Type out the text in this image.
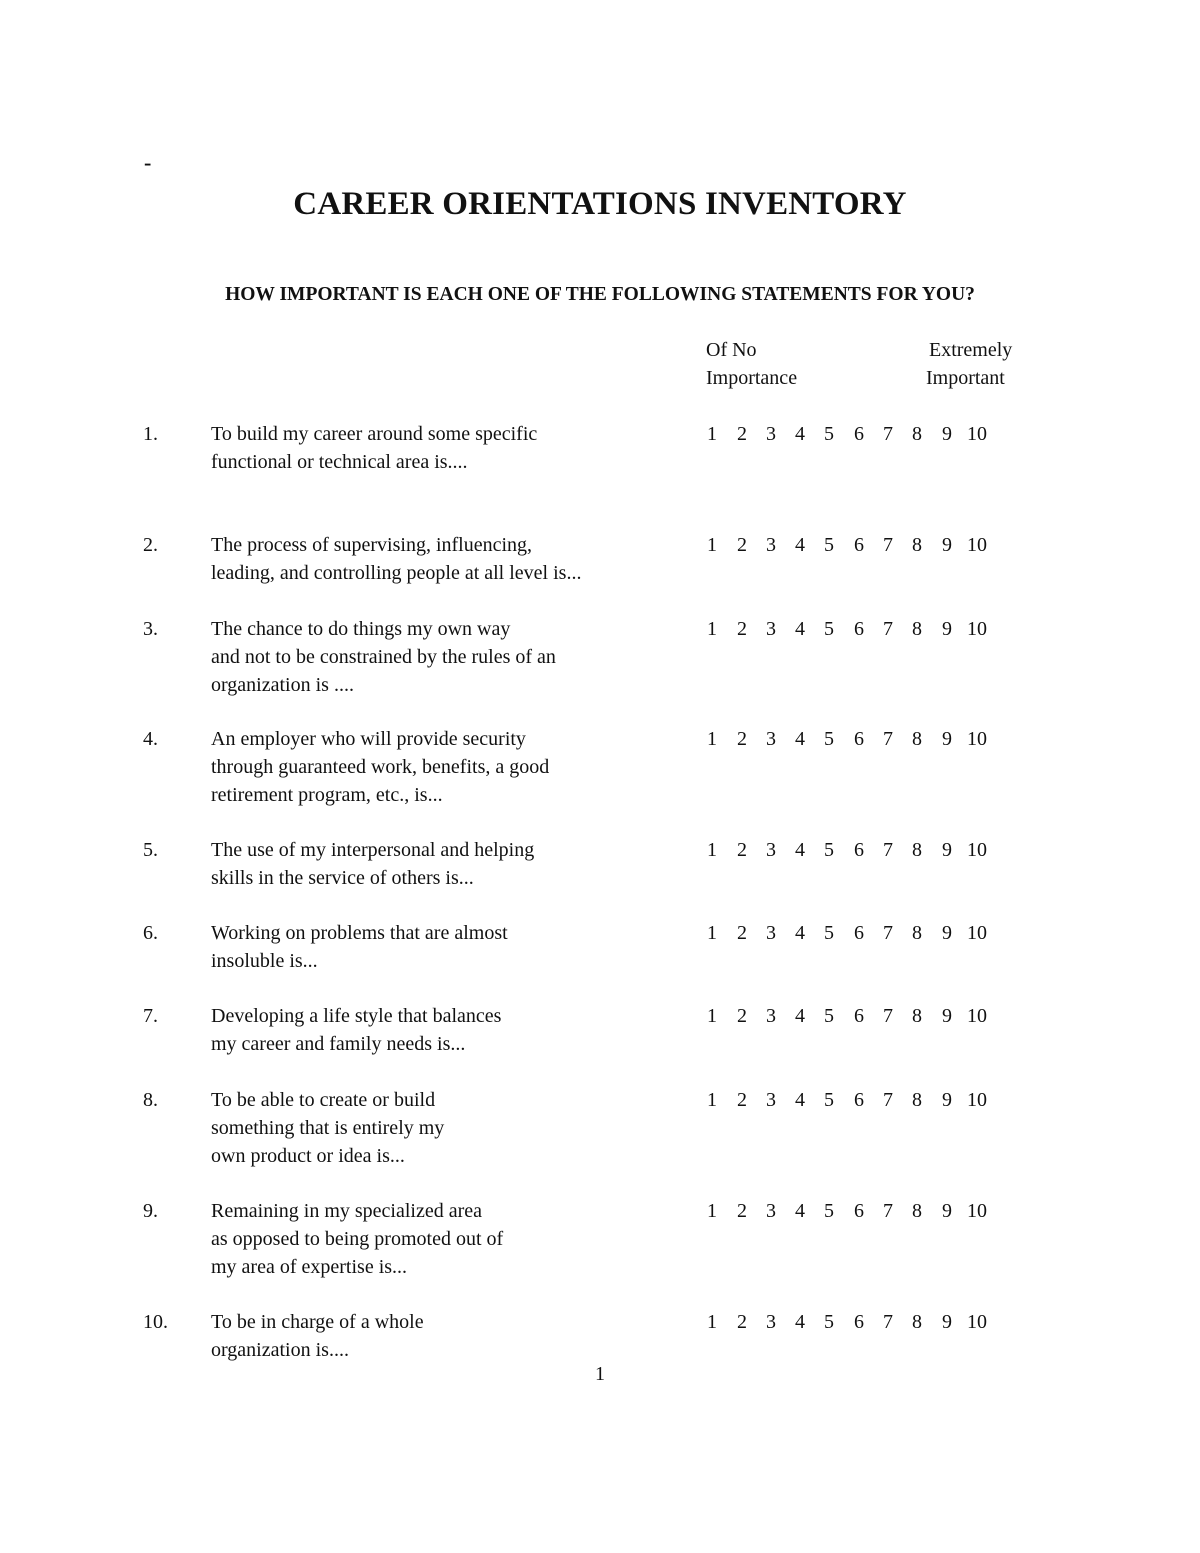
-
CAREER ORIENTATIONS INVENTORY
HOW IMPORTANT IS EACH ONE OF THE FOLLOWING STATEMENTS FOR YOU?
Of No
Importance
Extremely
Important
1.	To build my career around some specific
functional or technical area is....
1 2 3 4 5 6 7 8 9 10
2.	The process of supervising, influencing,
leading, and controlling people at all level is...
1 2 3 4 5 6 7 8 9 10
3.	The chance to do things my own way
and not to be constrained by the rules of an
organization is ....
1 2 3 4 5 6 7 8 9 10
4.	An employer who will provide security
through guaranteed work, benefits, a good
retirement program, etc., is...
1 2 3 4 5 6 7 8 9 10
5.	The use of my interpersonal and helping
skills in the service of others is...
1 2 3 4 5 6 7 8 9 10
6.	Working on problems that are almost
insoluble is...
1 2 3 4 5 6 7 8 9 10
7.	Developing a life style that balances
my career and family needs is...
1 2 3 4 5 6 7 8 9 10
8.	To be able to create or build
something that is entirely my
own product or idea is...
1 2 3 4 5 6 7 8 9 10
9.	Remaining in my specialized area
as opposed to being promoted out of
my area of expertise is...
1 2 3 4 5 6 7 8 9 10
10. To be in charge of a whole
organization is....
1 2 3 4 5 6 7 8 9 10
1
